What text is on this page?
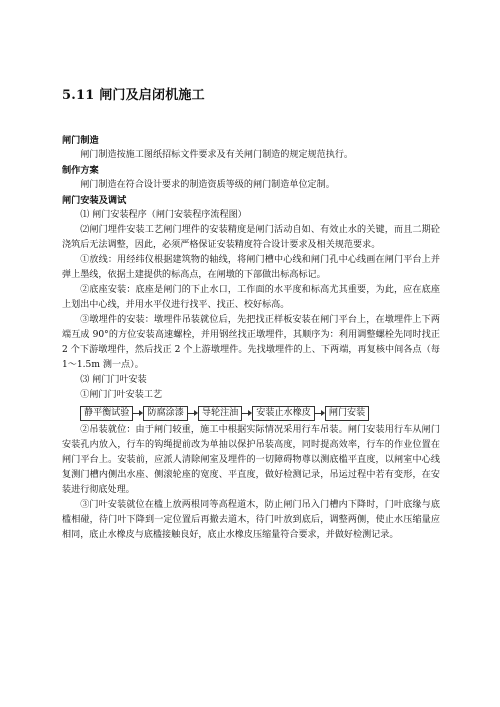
5.11 闸门及启闭机施工
闸门制造

闸门制造按施工图纸招标文件要求及有关闸门制造的规定规范执行。

制作方案

闸门制造在符合设计要求的制造资质等级的闸门制造单位定制。

闸门安装及调试

⑴ 闸门安装程序（闸门安装程序流程图）

⑵闸门埋件安装工艺闸门埋件的安装精度是闸门活动自如、有效止水的关键，而且二期砼浇筑后无法调整，因此，必须严格保证安装精度符合设计要求及相关规范要求。

①放线：用经纬仪根据建筑物的轴线，将闸门槽中心线和闸门孔中心线画在闸门平台上并弹上墨线，依据土建提供的标高点，在闸墩的下部做出标高标记。

②底座安装：底座是闸门的下止水口，工作面的水平度和标高尤其重要，为此，应在底座上划出中心线，并用水平仪进行找平、找正、校好标高。

③墩埋件的安装：墩埋件吊装就位后，先把找正样板安装在闸门平台上，在墩埋件上下两端互成 90°的方位安装高速螺栓，并用钢丝找正墩埋件，其顺序为：利用调整螺栓先同时找正 2 个下游墩埋件，然后找正 2 个上游墩埋件。先找墩埋件的上、下两端，再复核中间各点（每 1～1.5m 测一点）。

⑶ 闸门门叶安装

①闸门门叶安装工艺

静平衡试验	防腐涂漆	导轮注油	安装止水橡皮	闸门安装

②吊装就位：由于闸门较重，施工中根据实际情况采用行车吊装。闸门安装用行车从闸门安装孔内放入，行车的钩绳提前改为单抽以保护吊装高度，同时提高效率，行车的作业位置在闸门平台上。安装前，应派人清除闸室及埋件的一切障碍物尊以测底槛平直度，以闸室中心线复测门槽内侧出水座、侧滚轮座的宽度、平直度，做好检测记录，吊运过程中若有变形，在安装进行彻底处理。

③门叶安装就位在槛上放两根同等高程道木，防止闸门吊入门槽内下降时，门叶底缘与底槛相碰，待门叶下降到一定位置后再撤去道木，待门叶放到底后，调整两侧，使止水压缩量应相同，底止水橡皮与底槛接触良好，底止水橡皮压缩量符合要求，并做好检测记录。
